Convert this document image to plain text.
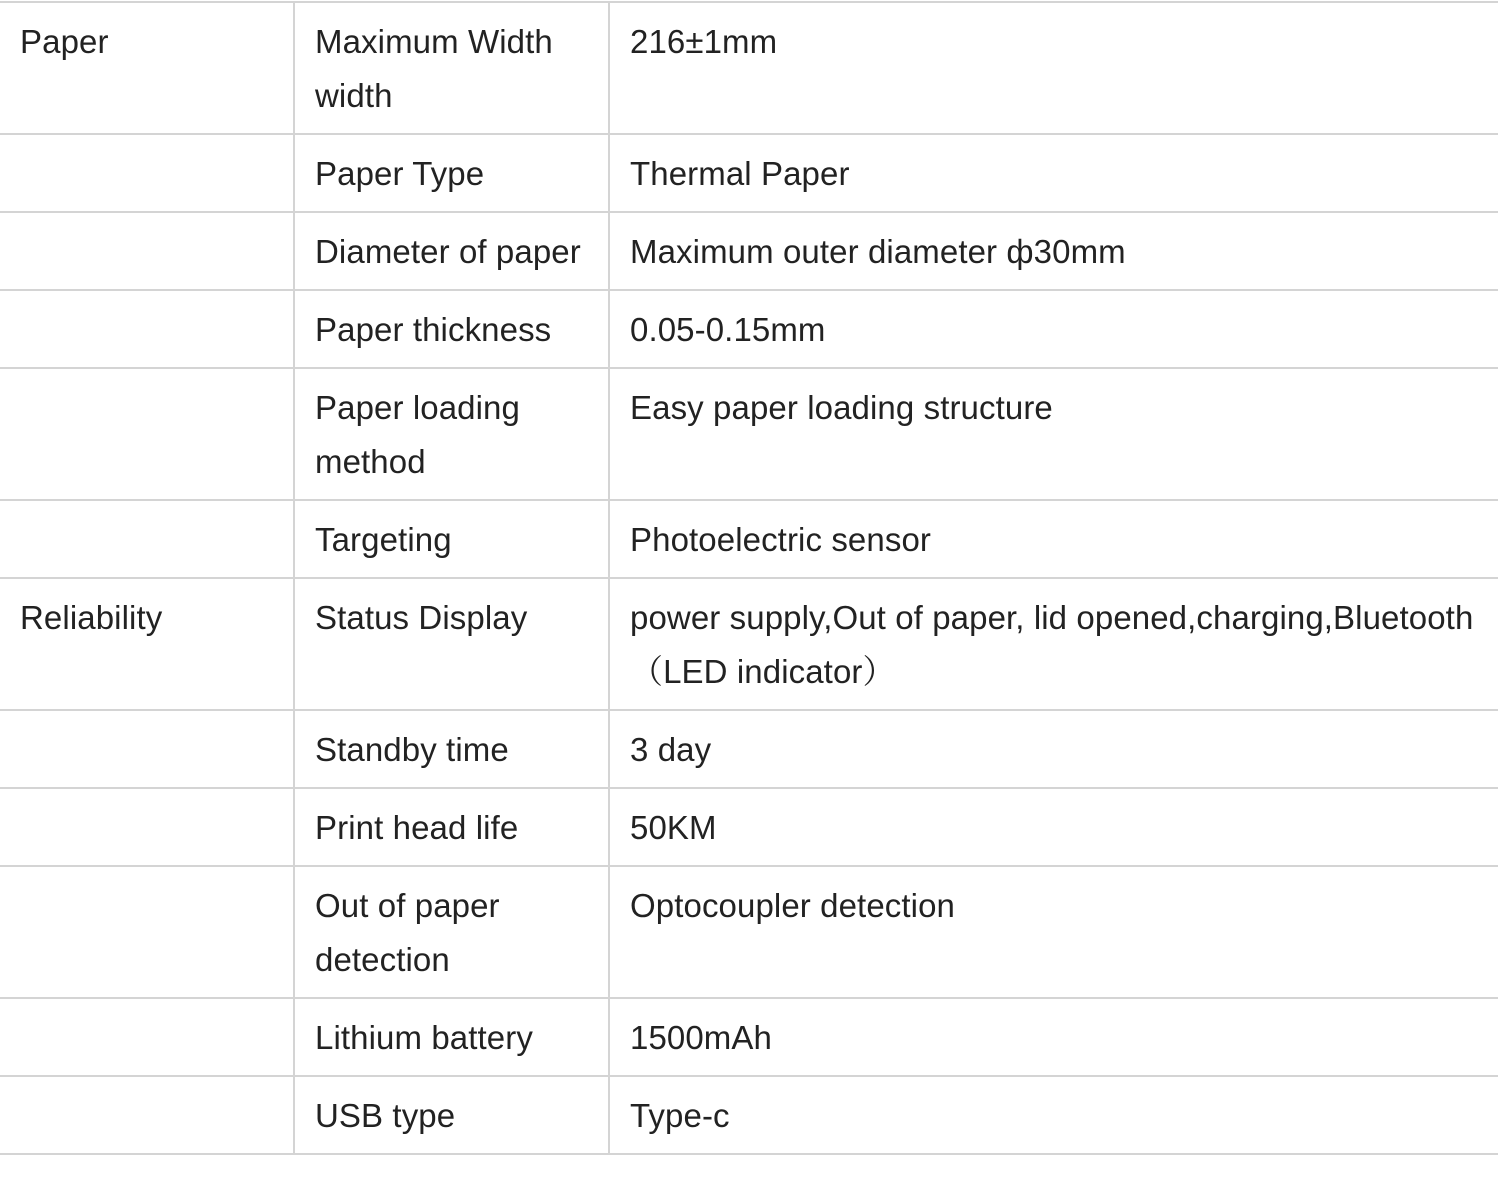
Paper	Maximum Width width	216±1mm
	Paper Type	Thermal Paper
	Diameter of paper	Maximum outer diameter ф30mm
	Paper thickness	0.05-0.15mm
	Paper loading method	Easy paper loading structure
	Targeting	Photoelectric sensor
Reliability	Status Display	power supply,Out of paper, lid opened,charging,Bluetooth（LED indicator）
	Standby time	3 day
	Print head life	50KM
	Out of paper detection	Optocoupler detection
	Lithium battery	1500mAh
	USB type	Type-c
